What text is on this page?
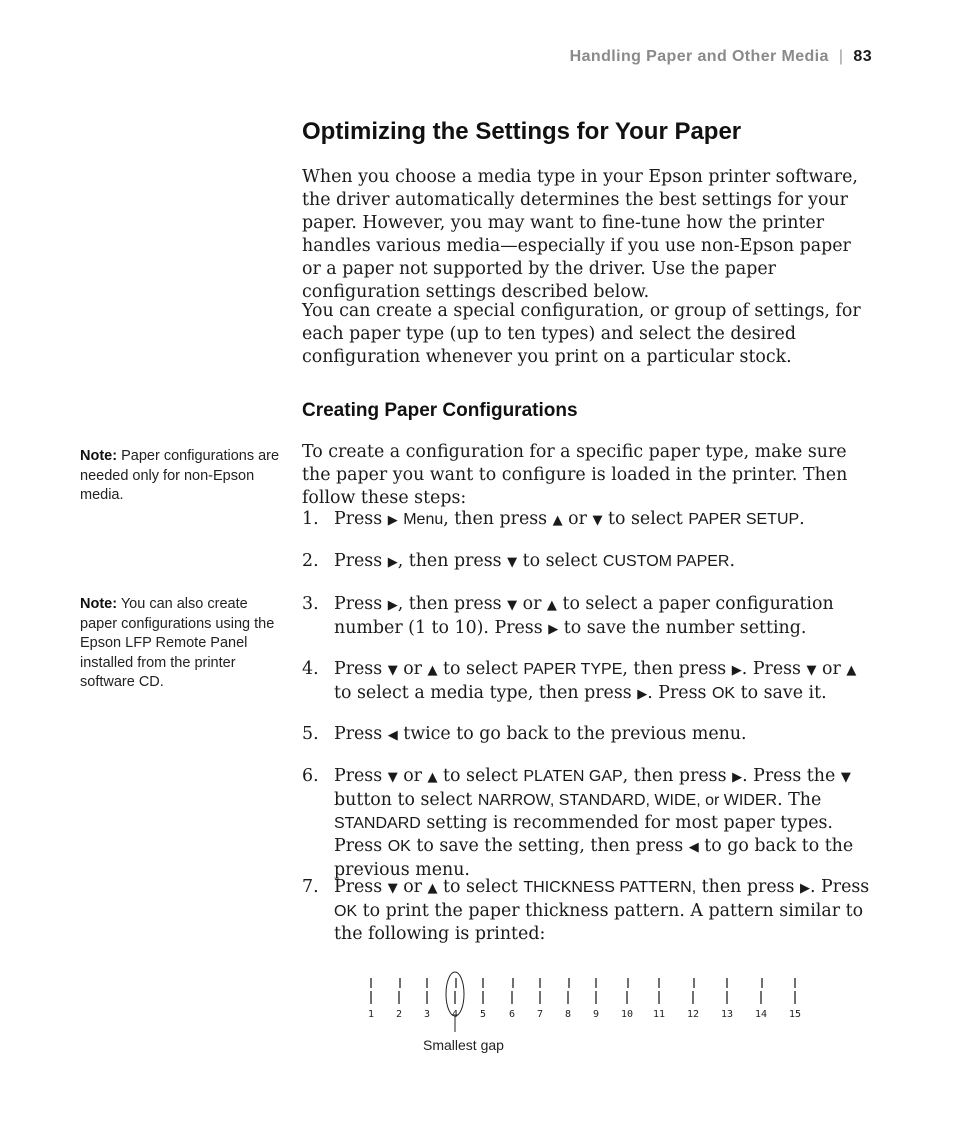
Handling Paper and Other Media | 83
Optimizing the Settings for Your Paper

When you choose a media type in your Epson printer software, the driver automatically determines the best settings for your paper. However, you may want to fine-tune how the printer handles various media—especially if you use non-Epson paper or a paper not supported by the driver. Use the paper configuration settings described below.

You can create a special configuration, or group of settings, for each paper type (up to ten types) and select the desired configuration whenever you print on a particular stock.

Creating Paper Configurations

To create a configuration for a specific paper type, make sure the paper you want to configure is loaded in the printer. Then follow these steps:

1. Press ▶ Menu, then press ▲ or ▼ to select PAPER SETUP.
2. Press ▶, then press ▼ to select CUSTOM PAPER.
3. Press ▶, then press ▼ or ▲ to select a paper configuration number (1 to 10). Press ▶ to save the number setting.
4. Press ▼ or ▲ to select PAPER TYPE, then press ▶. Press ▼ or ▲ to select a media type, then press ▶. Press OK to save it.
5. Press ◀ twice to go back to the previous menu.
6. Press ▼ or ▲ to select PLATEN GAP, then press ▶. Press the ▼ button to select NARROW, STANDARD, WIDE, or WIDER. The STANDARD setting is recommended for most paper types. Press OK to save the setting, then press ◀ to go back to the previous menu.
7. Press ▼ or ▲ to select THICKNESS PATTERN, then press ▶. Press OK to print the paper thickness pattern. A pattern similar to the following is printed:
Note: Paper configurations are needed only for non-Epson media.
Note: You can also create paper configurations using the Epson LFP Remote Panel installed from the printer software CD.
1 2 3 4 5 6 7 8 9 10 11 12 13 14 15
Smallest gap
